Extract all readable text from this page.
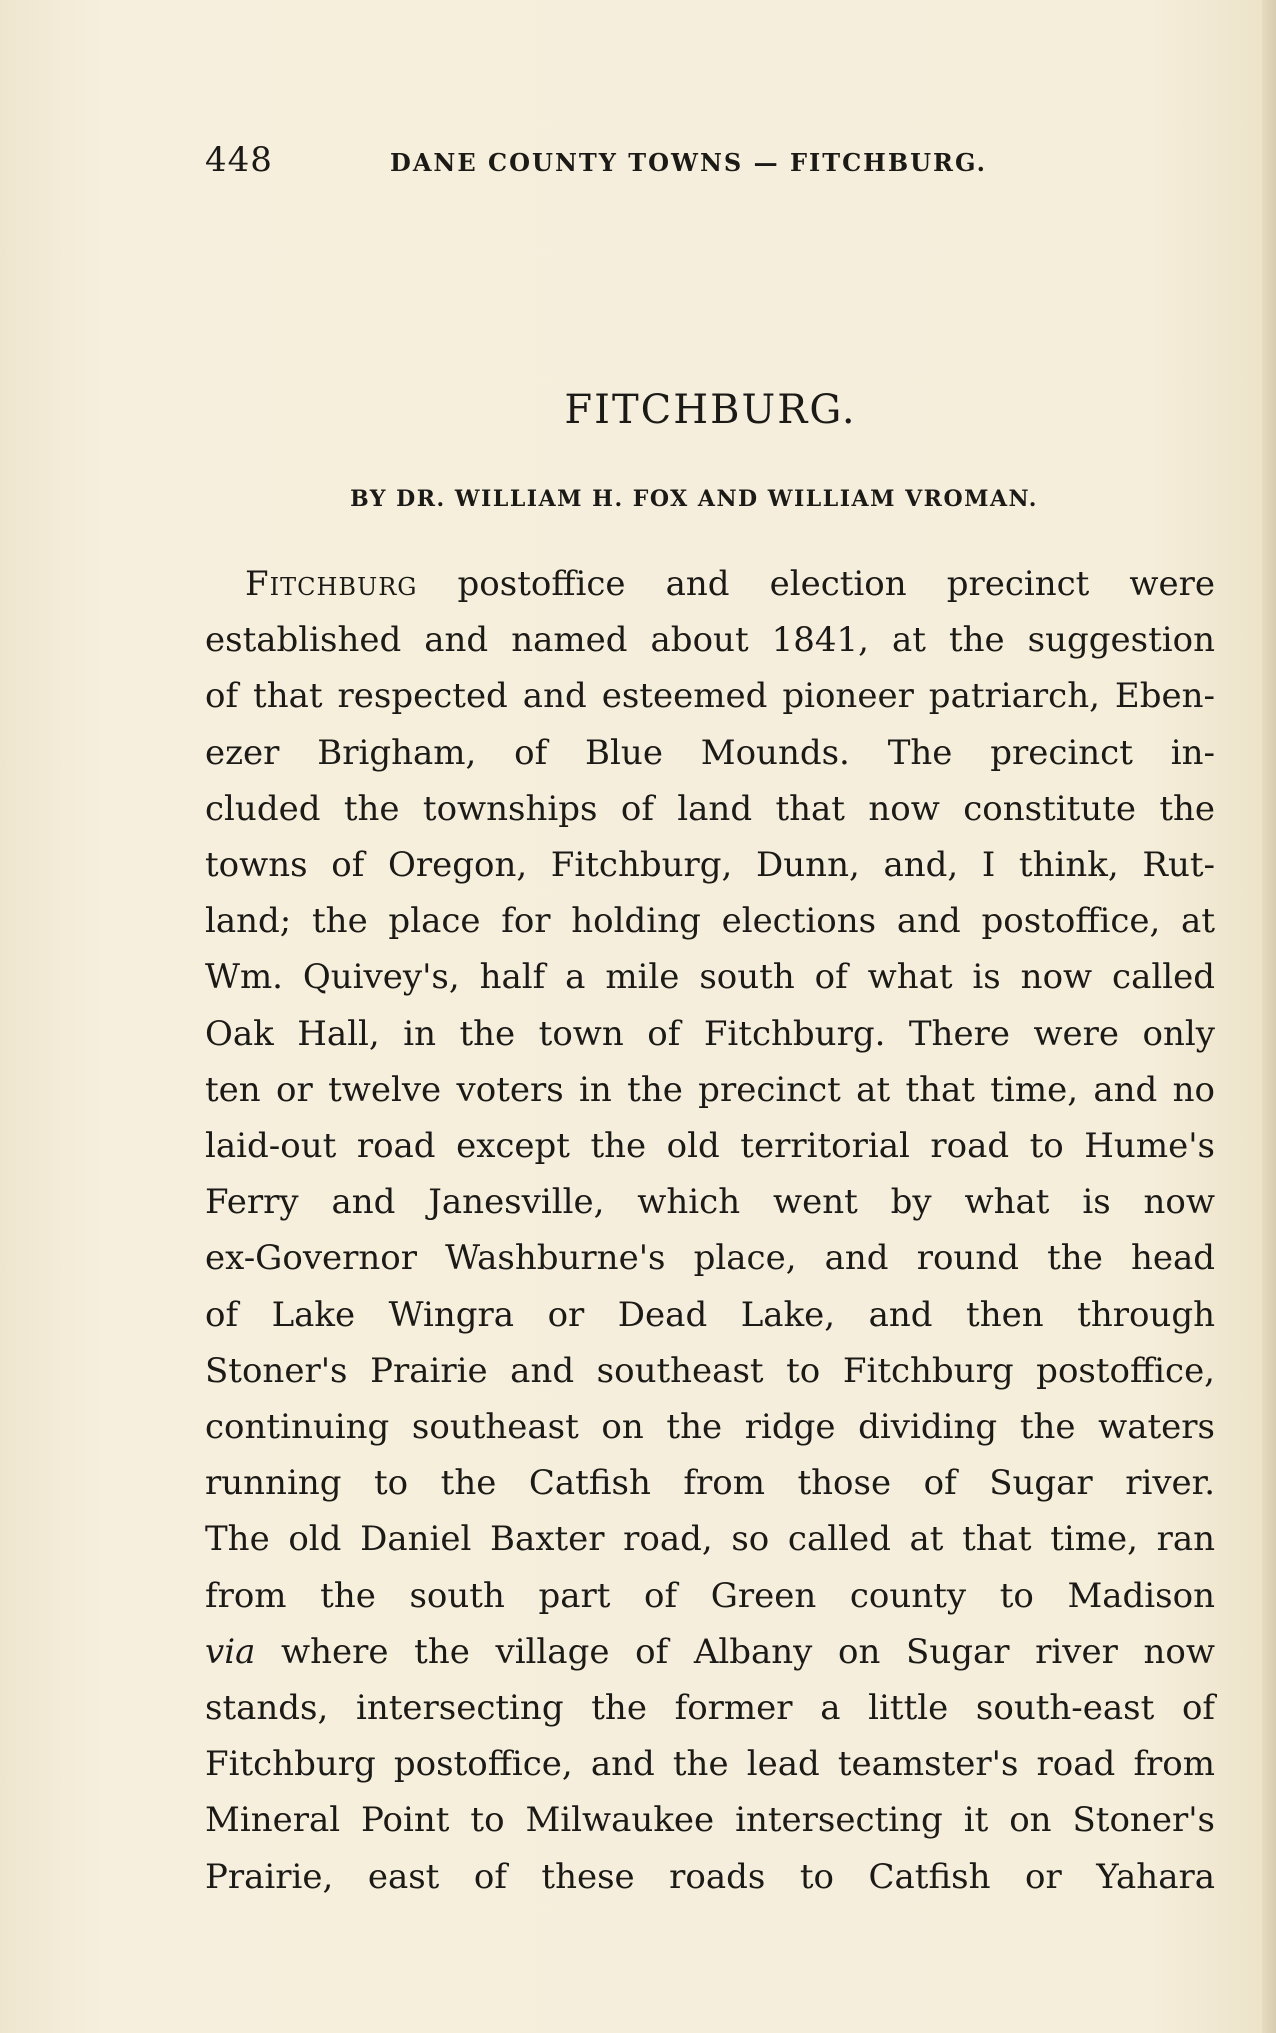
448	DANE COUNTY TOWNS — FITCHBURG.
FITCHBURG.
BY DR. WILLIAM H. FOX AND WILLIAM VROMAN.
Fitchburg postoffice and election precinct were
established and named about 1841, at the suggestion
of that respected and esteemed pioneer patriarch, Eben-
ezer Brigham, of Blue Mounds. The precinct in-
cluded the townships of land that now constitute the
towns of Oregon, Fitchburg, Dunn, and, I think, Rut-
land; the place for holding elections and postoffice, at
Wm. Quivey's, half a mile south of what is now called
Oak Hall, in the town of Fitchburg. There were only
ten or twelve voters in the precinct at that time, and no
laid-out road except the old territorial road to Hume's
Ferry and Janesville, which went by what is now
ex-Governor Washburne's place, and round the head
of Lake Wingra or Dead Lake, and then through
Stoner's Prairie and southeast to Fitchburg postoffice,
continuing southeast on the ridge dividing the waters
running to the Catfish from those of Sugar river.
The old Daniel Baxter road, so called at that time, ran
from the south part of Green county to Madison
via where the village of Albany on Sugar river now
stands, intersecting the former a little south-east of
Fitchburg postoffice, and the lead teamster's road from
Mineral Point to Milwaukee intersecting it on Stoner's
Prairie, east of these roads to Catfish or Yahara
